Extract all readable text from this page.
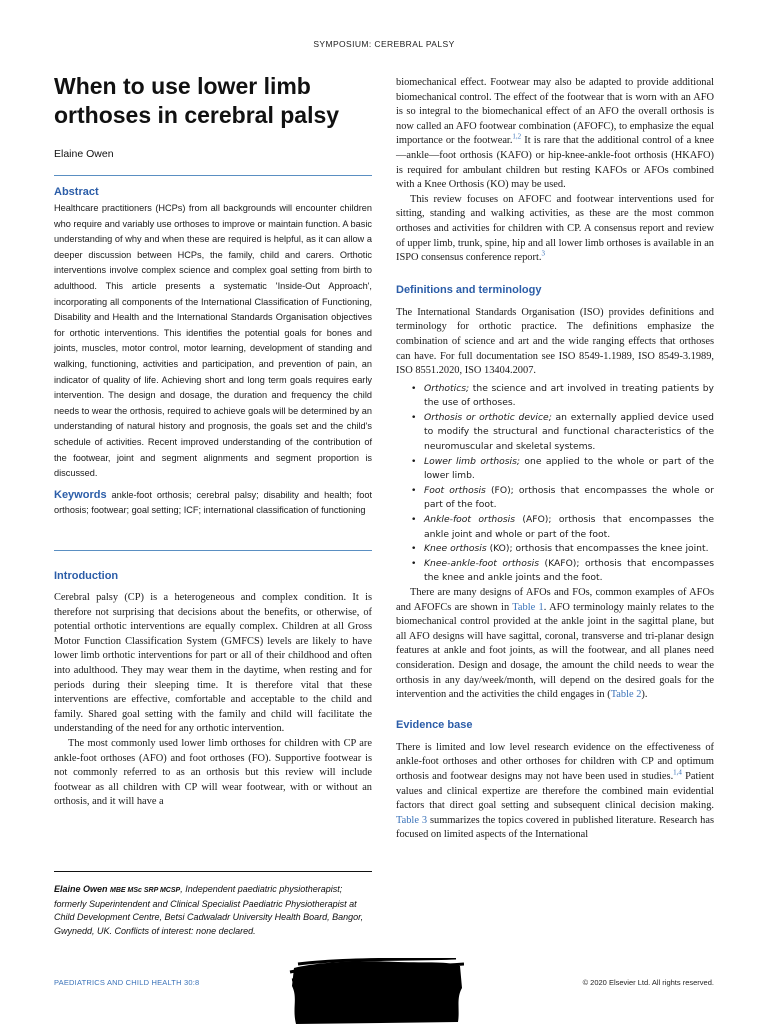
SYMPOSIUM: CEREBRAL PALSY
When to use lower limb
orthoses in cerebral palsy
Elaine Owen
Abstract

Healthcare practitioners (HCPs) from all backgrounds will encounter children who require and variably use orthoses to improve or maintain function. A basic understanding of why and when these are required is helpful, as it can allow a deeper discussion between HCPs, the family, child and carers. Orthotic interventions involve complex science and complex goal setting from birth to adulthood. This article presents a systematic 'Inside-Out Approach', incorporating all components of the International Classification of Functioning, Disability and Health and the International Standards Organisation objectives for orthotic interventions. This identifies the potential goals for bones and joints, muscles, motor control, motor learning, development of standing and walking, functioning, activities and participation, and prevention of pain, an indicator of quality of life. Achieving short and long term goals requires early intervention. The design and dosage, the duration and frequency the child needs to wear the orthosis, required to achieve goals will be determined by an understanding of natural history and prognosis, the goals set and the child's schedule of activities. Recent improved understanding of the contribution of the footwear, joint and segment alignments and segment proportion is discussed.

Keywords ankle-foot orthosis; cerebral palsy; disability and health; foot orthosis; footwear; goal setting; ICF; international classification of functioning

Introduction

Cerebral palsy (CP) is a heterogeneous and complex condition. It is therefore not surprising that decisions about the benefits, or otherwise, of potential orthotic interventions are equally complex. Children at all Gross Motor Function Classification System (GMFCS) levels are likely to have lower limb orthotic interventions for part or all of their childhood and often into adulthood. They may wear them in the daytime, when resting and for periods during their sleeping time. It is therefore vital that these interventions are effective, comfortable and acceptable to the child and family. Shared goal setting with the family and child will facilitate the understanding of the need for any orthotic intervention.

The most commonly used lower limb orthoses for children with CP are ankle-foot orthoses (AFO) and foot orthoses (FO). Supportive footwear is not commonly referred to as an orthosis but this review will include footwear as all children with CP will wear footwear, with or without an orthosis, and it will have a

Elaine Owen MBE MSc SRP MCSP, Independent paediatric physiotherapist; formerly Superintendent and Clinical Specialist Paediatric Physiotherapist at Child Development Centre, Betsi Cadwaladr University Health Board, Bangor, Gwynedd, UK. Conflicts of interest: none declared.

biomechanical effect. Footwear may also be adapted to provide additional biomechanical control. The effect of the footwear that is worn with an AFO is so integral to the biomechanical effect of an AFO the overall orthosis is now called an AFO footwear combination (AFOFC), to emphasize the equal importance or the footwear.$^{1,2}$ It is rare that the additional control of a knee—ankle—foot orthosis (KAFO) or hip-knee-ankle-foot orthosis (HKAFO) is required for ambulant children but resting KAFOs or AFOs combined with a Knee Orthosis (KO) may be used.

This review focuses on AFOFC and footwear interventions used for sitting, standing and walking activities, as these are the most common orthoses and activities for children with CP. A consensus report and review of upper limb, trunk, spine, hip and all lower limb orthoses is available in an ISPO consensus conference report.$^3$

Definitions and terminology

The International Standards Organisation (ISO) provides definitions and terminology for orthotic practice. The definitions emphasize the combination of science and art and the wide ranging effects that orthoses can have. For full documentation see ISO 8549-1.1989, ISO 8549-3.1989, ISO 8551.2020, ISO 13404.2007.

• Orthotics; the science and art involved in treating patients by the use of orthoses.
• Orthosis or orthotic device; an externally applied device used to modify the structural and functional characteristics of the neuromuscular and skeletal systems.
• Lower limb orthosis; one applied to the whole or part of the lower limb.
• Foot orthosis (FO); orthosis that encompasses the whole or part of the foot.
• Ankle-foot orthosis (AFO); orthosis that encompasses the ankle joint and whole or part of the foot.
• Knee orthosis (KO); orthosis that encompasses the knee joint.
• Knee-ankle-foot orthosis (KAFO); orthosis that encompasses the knee and ankle joints and the foot.

There are many designs of AFOs and FOs, common examples of AFOs and AFOFCs are shown in Table 1. AFO terminology mainly relates to the biomechanical control provided at the ankle joint in the sagittal plane, but all AFO designs will have sagittal, coronal, transverse and tri-planar design features at ankle and foot joints, as will the footwear, and all planes need consideration. Design and dosage, the amount the child needs to wear the orthosis in any day/week/month, will depend on the desired goals for the intervention and the activities the child engages in (Table 2).

Evidence base

There is limited and low level research evidence on the effectiveness of ankle-foot orthoses and other orthoses for children with CP and optimum orthosis and footwear designs may not have been used in studies.$^{1,4}$ Patient values and clinical expertize are therefore the combined main evidential factors that direct goal setting and subsequent clinical decision making. Table 3 summarizes the topics covered in published literature. Research has focused on limited aspects of the International

PAEDIATRICS AND CHILD HEALTH 30:8	© 2020 Elsevier Ltd. All rights reserved.
